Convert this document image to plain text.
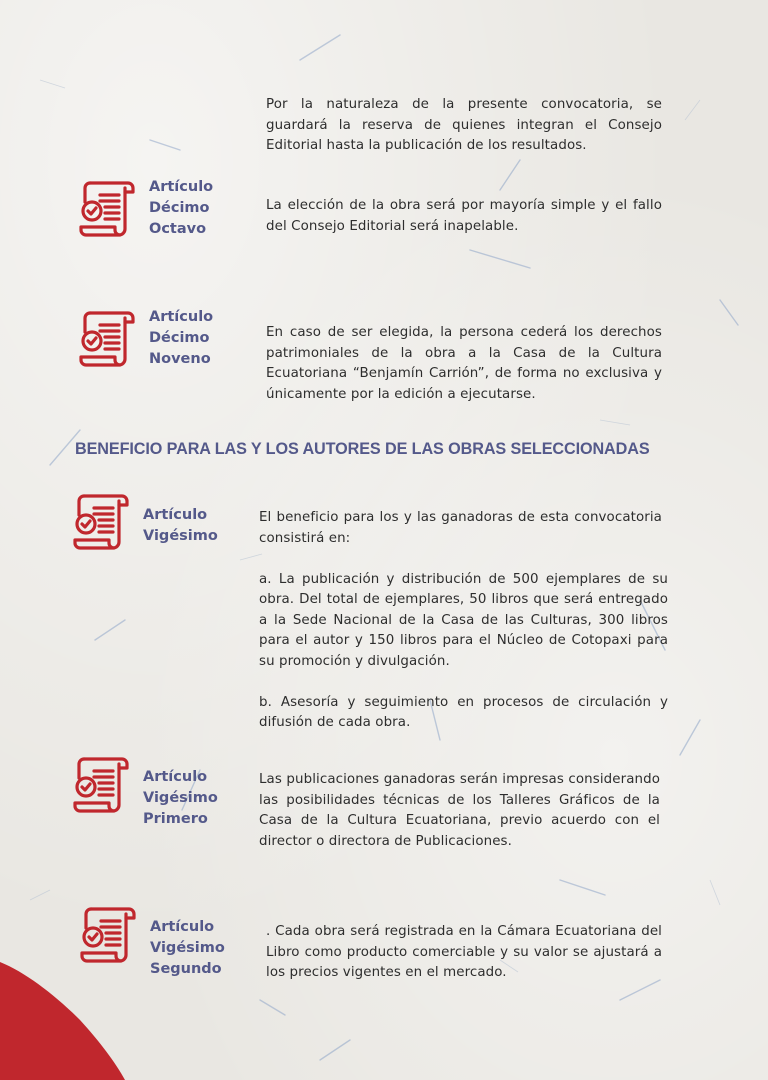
Por la naturaleza de la presente convocatoria, se guardará la reserva de quienes integran el Consejo Editorial hasta la publicación de los resultados.
Artículo
Décimo
Octavo

La elección de la obra será por mayoría simple y el fallo del Consejo Editorial será inapelable.

Artículo
Décimo
Noveno

En caso de ser elegida, la persona cederá los derechos patrimoniales de la obra a la Casa de la Cultura Ecuatoriana “Benjamín Carrión”, de forma no exclusiva y únicamente por la edición a ejecutarse.

BENEFICIO PARA LAS Y LOS AUTORES DE LAS OBRAS SELECCIONADAS
Artículo
Vigésimo

El beneficio para los y las ganadoras de esta convocatoria consistirá en:

a. La publicación y distribución de 500 ejemplares de su obra. Del total de ejemplares, 50 libros que será entregado a la Sede Nacional de la Casa de las Culturas, 300 libros para el autor y 150 libros para el Núcleo de Cotopaxi para su promoción y divulgación.

b. Asesoría y seguimiento en procesos de circulación y difusión de cada obra.

Artículo
Vigésimo
Primero

Las publicaciones ganadoras serán impresas considerando las posibilidades técnicas de los Talleres Gráficos de la Casa de la Cultura Ecuatoriana, previo acuerdo con el director o directora de Publicaciones.

Artículo
Vigésimo
Segundo

. Cada obra será registrada en la Cámara Ecuatoriana del Libro como producto comerciable y su valor se ajustará a los precios vigentes en el mercado.
